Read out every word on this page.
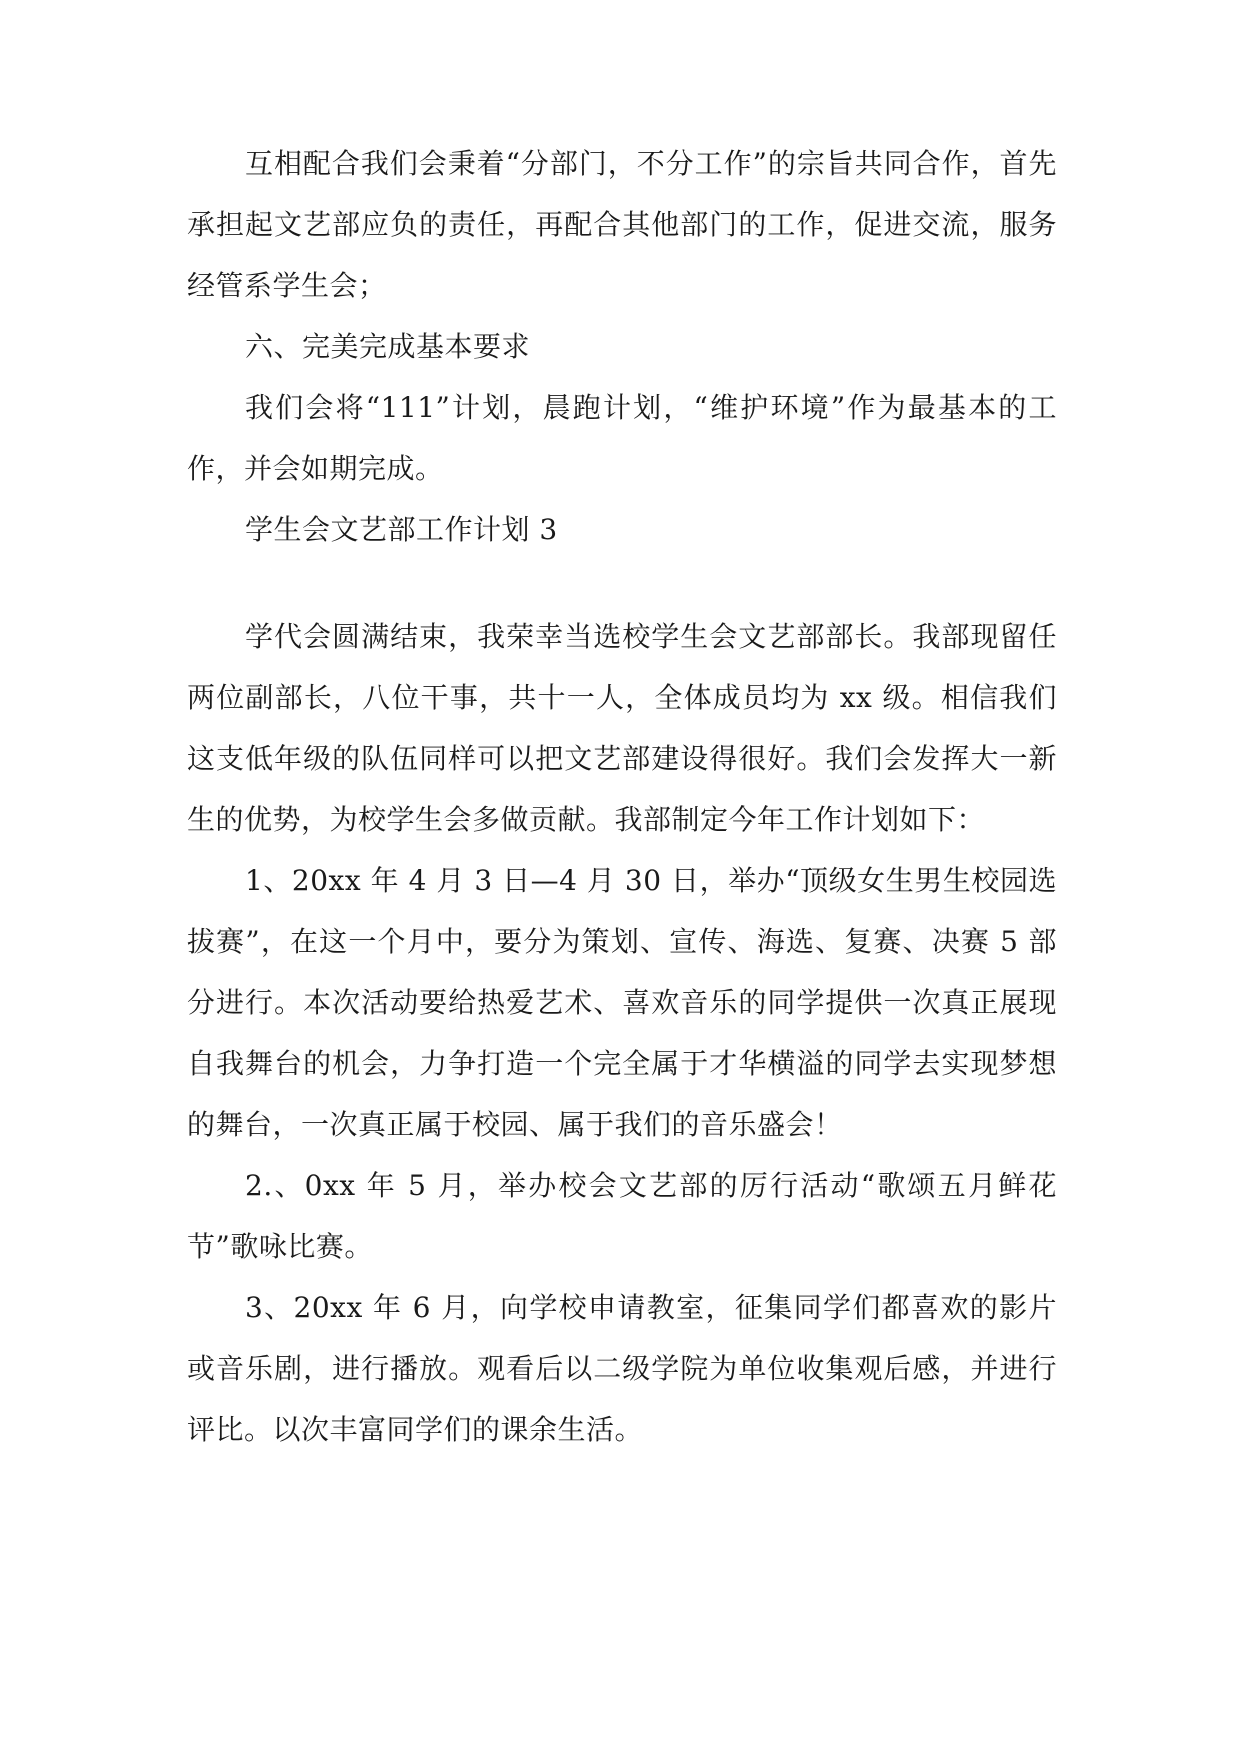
互相配合我们会秉着“分部门，不分工作”的宗旨共同合作，首先承担起文艺部应负的责任，再配合其他部门的工作，促进交流，服务经管系学生会；

六、完美完成基本要求

我们会将“111”计划，晨跑计划，“维护环境”作为最基本的工作，并会如期完成。

学生会文艺部工作计划 3

学代会圆满结束，我荣幸当选校学生会文艺部部长。我部现留任两位副部长，八位干事，共十一人，全体成员均为 xx 级。相信我们这支低年级的队伍同样可以把文艺部建设得很好。我们会发挥大一新生的优势，为校学生会多做贡献。我部制定今年工作计划如下：

1、20xx 年 4 月 3 日—4 月 30 日，举办“顶级女生男生校园选拔赛”，在这一个月中，要分为策划、宣传、海选、复赛、决赛 5 部分进行。本次活动要给热爱艺术、喜欢音乐的同学提供一次真正展现自我舞台的机会，力争打造一个完全属于才华横溢的同学去实现梦想的舞台，一次真正属于校园、属于我们的音乐盛会！

2.、0xx 年 5 月，举办校会文艺部的厉行活动“歌颂五月鲜花节”歌咏比赛。

3、20xx 年 6 月，向学校申请教室，征集同学们都喜欢的影片或音乐剧，进行播放。观看后以二级学院为单位收集观后感，并进行评比。以次丰富同学们的课余生活。
